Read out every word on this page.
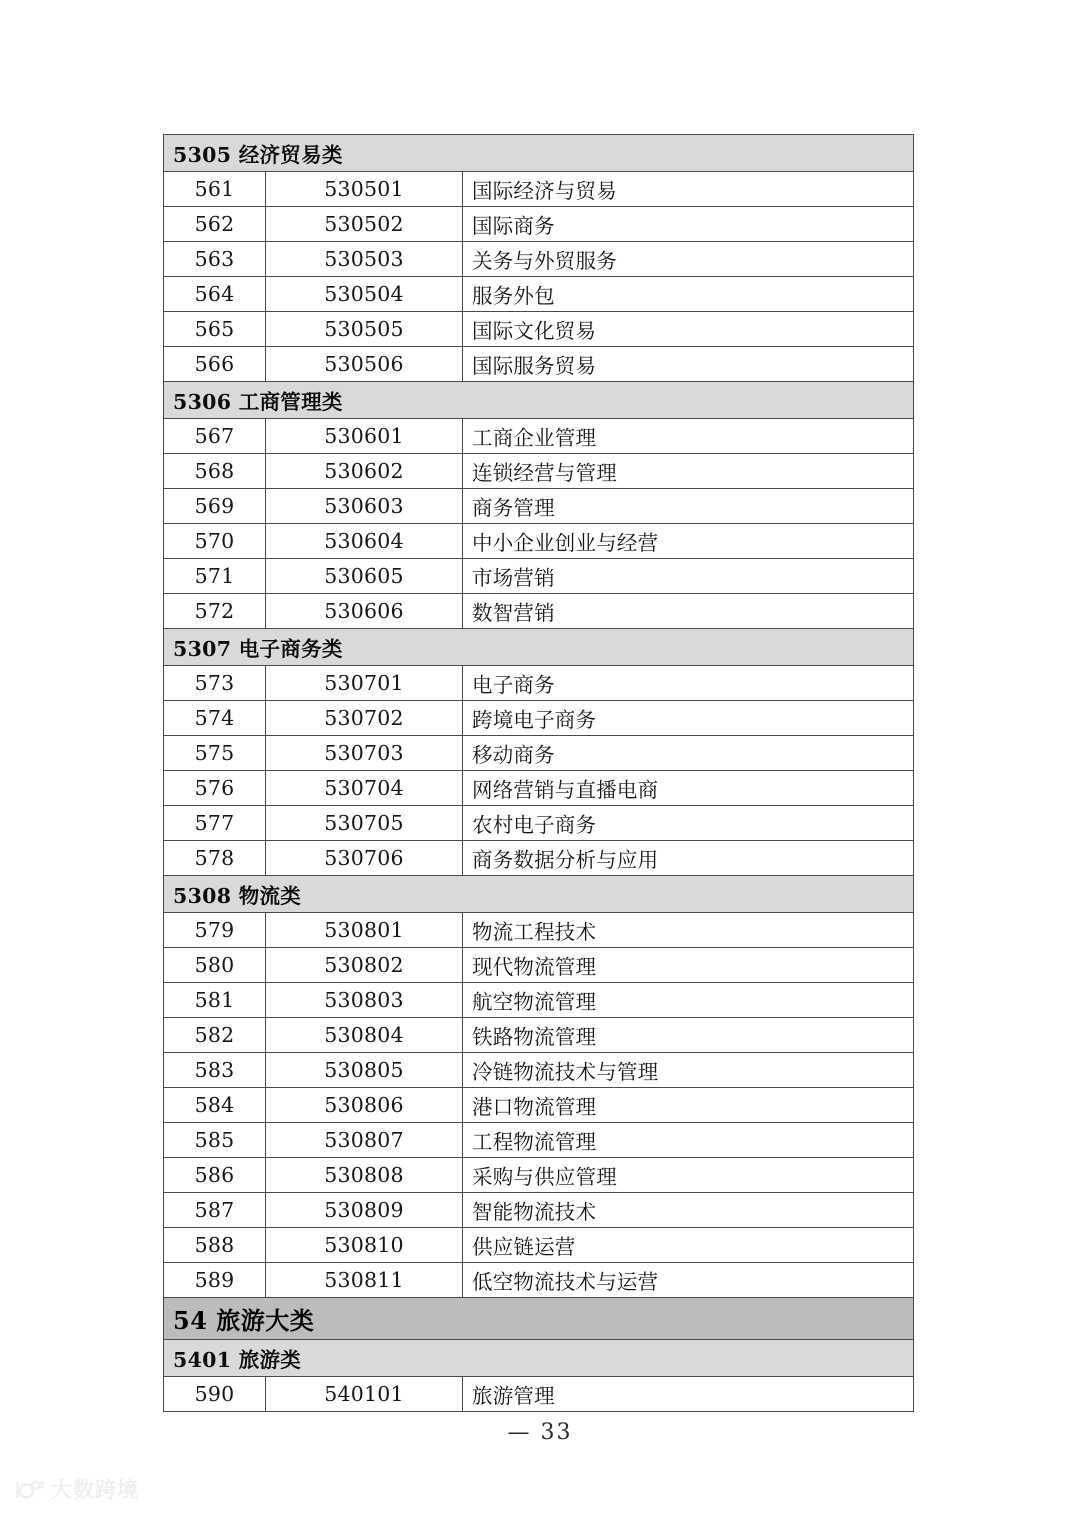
5305 经济贸易类		
561	530501	国际经济与贸易
562	530502	国际商务
563	530503	关务与外贸服务
564	530504	服务外包
565	530505	国际文化贸易
566	530506	国际服务贸易
5306 工商管理类		
567	530601	工商企业管理
568	530602	连锁经营与管理
569	530603	商务管理
570	530604	中小企业创业与经营
571	530605	市场营销
572	530606	数智营销
5307 电子商务类		
573	530701	电子商务
574	530702	跨境电子商务
575	530703	移动商务
576	530704	网络营销与直播电商
577	530705	农村电子商务
578	530706	商务数据分析与应用
5308 物流类		
579	530801	物流工程技术
580	530802	现代物流管理
581	530803	航空物流管理
582	530804	铁路物流管理
583	530805	冷链物流技术与管理
584	530806	港口物流管理
585	530807	工程物流管理
586	530808	采购与供应管理
587	530809	智能物流技术
588	530810	供应链运营
589	530811	低空物流技术与运营
54 旅游大类		
5401 旅游类		
590	540101	旅游管理
— 33
大数跨境
